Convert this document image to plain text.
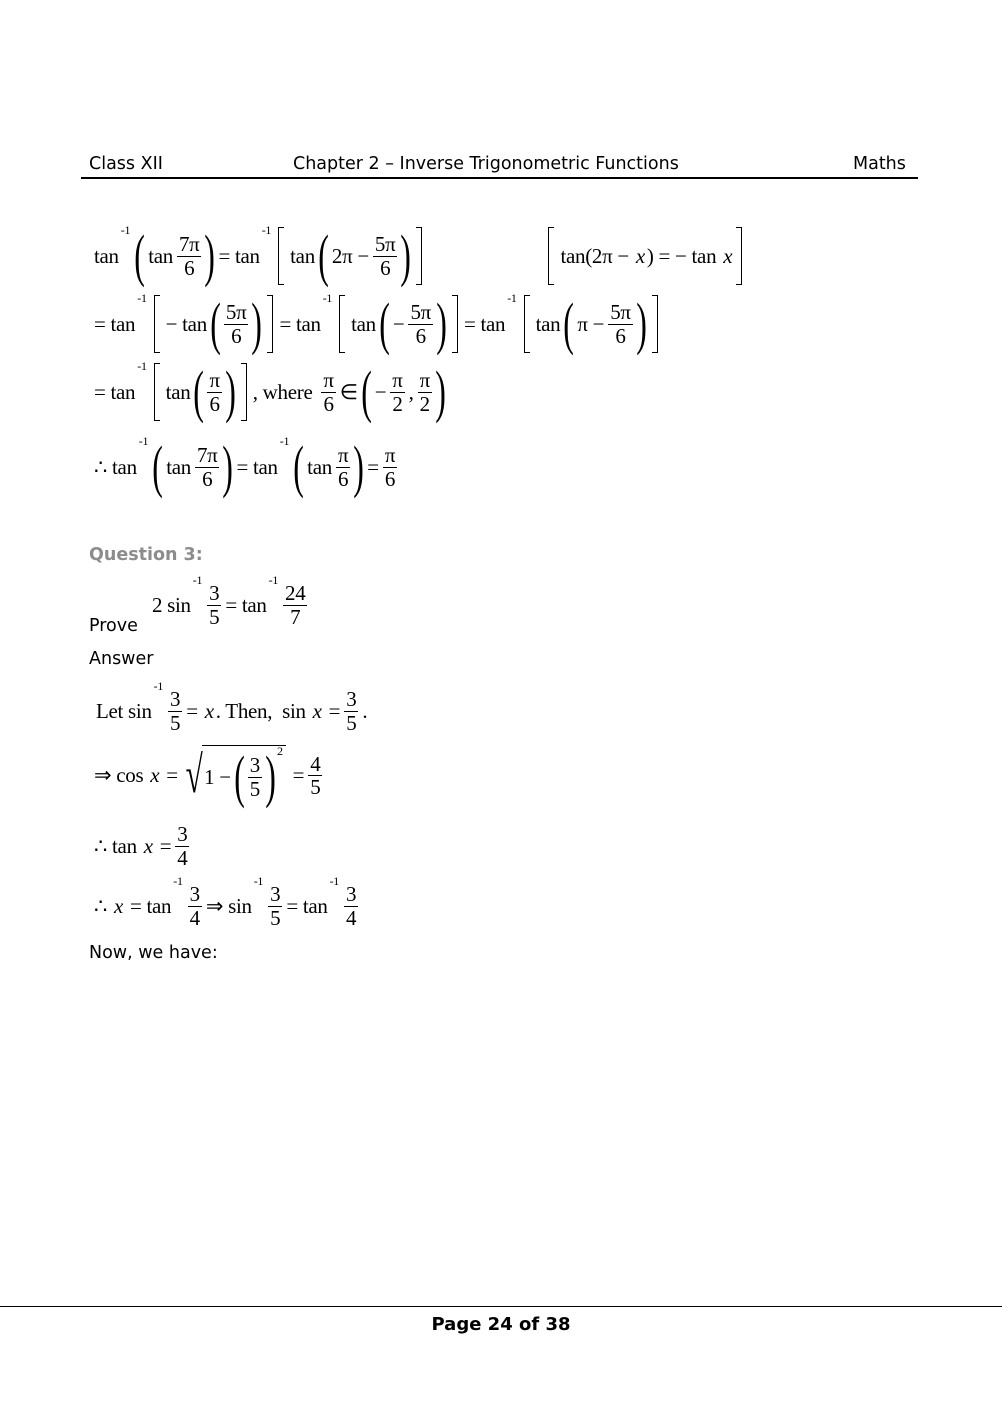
Class XII	Chapter 2 – Inverse Trigonometric Functions	Maths
tan
-1 ( $\tan \frac{7\pi}{6}$ ) = tan
-1
tan ( $2\pi - \frac{5\pi}{6}$ )	tan(2π − x ) = − tan x
= tan
-1
− tan ( $\frac{5\pi}{6}$ ) = tan
-1
tan ( − $\frac{5\pi}{6}$ ) = tan
-1
tan ( $\pi - \frac{5\pi}{6}$ )
= tan
-1
tan ( $\frac{\pi}{6}$ ) , where $\frac{\pi}{6}$ ∈ ( − $\frac{\pi}{2}$ , $\frac{\pi}{2}$ )
∴ tan
-1 ( $\tan \frac{7\pi}{6}$ ) = tan
-1 ( $\tan \frac{\pi}{6}$ ) = $\frac{\pi}{6}$
Question 3:
2 sin
-1
$\frac{3}{5} = \tan$
-1
$\frac{24}{7}$
Prove
Answer
Let sin
-1
$\frac{3}{5} = x$ . Then,  $\sin x = \frac{3}{5}$ .
⇒ cos x = √ 1 − ( $\frac{3}{5}$ ) 2
= $\frac{4}{5}$
∴ $\tan x = \frac{3}{4}$
∴ x = tan
-1
$\frac{3}{4}$ ⇒ sin
-1
$\frac{3}{5} = \tan$
-1
$\frac{3}{4}$
Now, we have:
Page 24 of 38
